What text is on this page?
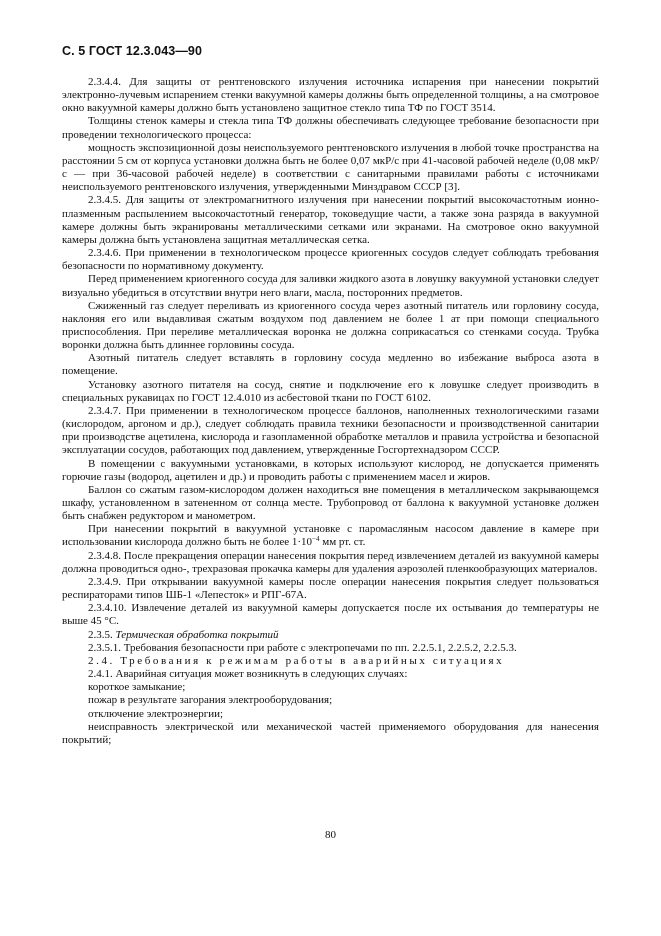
С. 5 ГОСТ 12.3.043—90

2.3.4.4. Для защиты от рентгеновского излучения источника испарения при нанесении покрытий электронно-лучевым испарением стенки вакуумной камеры должны быть определенной толщины, а на смотровое окно вакуумной камеры должно быть установлено защитное стекло типа ТФ по ГОСТ 3514.

Толщины стенок камеры и стекла типа ТФ должны обеспечивать следующее требование безопасности при проведении технологического процесса:

мощность экспозиционной дозы неиспользуемого рентгеновского излучения в любой точке пространства на расстоянии 5 см от корпуса установки должна быть не более 0,07 мкР/с при 41-часовой рабочей неделе (0,08 мкР/с — при 36-часовой рабочей неделе) в соответствии с санитарными правилами работы с источниками неиспользуемого рентгеновского излучения, утвержденными Минздравом СССР [3].

2.3.4.5. Для защиты от электромагнитного излучения при нанесении покрытий высокочастотным ионно-плазменным распылением высокочастотный генератор, токоведущие части, а также зона разряда в вакуумной камере должны быть экранированы металлическими сетками или экранами. На смотровое окно вакуумной камеры должна быть установлена защитная металлическая сетка.

2.3.4.6. При применении в технологическом процессе криогенных сосудов следует соблюдать требования безопасности по нормативному документу.

Перед применением криогенного сосуда для заливки жидкого азота в ловушку вакуумной установки следует визуально убедиться в отсутствии внутри него влаги, масла, посторонних предметов.

Сжиженный газ следует переливать из криогенного сосуда через азотный питатель или горловину сосуда, наклоняя его или выдавливая сжатым воздухом под давлением не более 1 ат при помощи специального приспособления. При переливе металлическая воронка не должна соприкасаться со стенками сосуда. Трубка воронки должна быть длиннее горловины сосуда.

Азотный питатель следует вставлять в горловину сосуда медленно во избежание выброса азота в помещение.

Установку азотного питателя на сосуд, снятие и подключение его к ловушке следует производить в специальных рукавицах по ГОСТ 12.4.010 из асбестовой ткани по ГОСТ 6102.

2.3.4.7. При применении в технологическом процессе баллонов, наполненных технологическими газами (кислородом, аргоном и др.), следует соблюдать правила техники безопасности и производственной санитарии при производстве ацетилена, кислорода и газопламенной обработке металлов и правила устройства и безопасной эксплуатации сосудов, работающих под давлением, утвержденные Госгортехнадзором СССР.

В помещении с вакуумными установками, в которых используют кислород, не допускается применять горючие газы (водород, ацетилен и др.) и проводить работы с применением масел и жиров.

Баллон со сжатым газом-кислородом должен находиться вне помещения в металлическом закрывающемся шкафу, установленном в затененном от солнца месте. Трубопровод от баллона к вакуумной установке должен быть снабжен редуктором и манометром.

При нанесении покрытий в вакуумной установке с паромасляным насосом давление в камере при использовании кислорода должно быть не более $1\cdot 10^{-4}$ мм рт. ст.

2.3.4.8. После прекращения операции нанесения покрытия перед извлечением деталей из вакуумной камеры должна проводиться одно-, трехразовая прокачка камеры для удаления аэрозолей пленкообразующих материалов.

2.3.4.9. При открывании вакуумной камеры после операции нанесения покрытия следует пользоваться респираторами типов ШБ-1 «Лепесток» и РПГ-67А.

2.3.4.10. Извлечение деталей из вакуумной камеры допускается после их остывания до температуры не выше 45 °С.

2.3.5. Термическая обработка покрытий

2.3.5.1. Требования безопасности при работе с электропечами по пп. 2.2.5.1, 2.2.5.2, 2.2.5.3.

2.4. Требования к режимам работы в аварийных ситуациях

2.4.1. Аварийная ситуация может возникнуть в следующих случаях:

короткое замыкание;

пожар в результате загорания электрооборудования;

отключение электроэнергии;

неисправность электрической или механической частей применяемого оборудования для нанесения покрытий;

80
